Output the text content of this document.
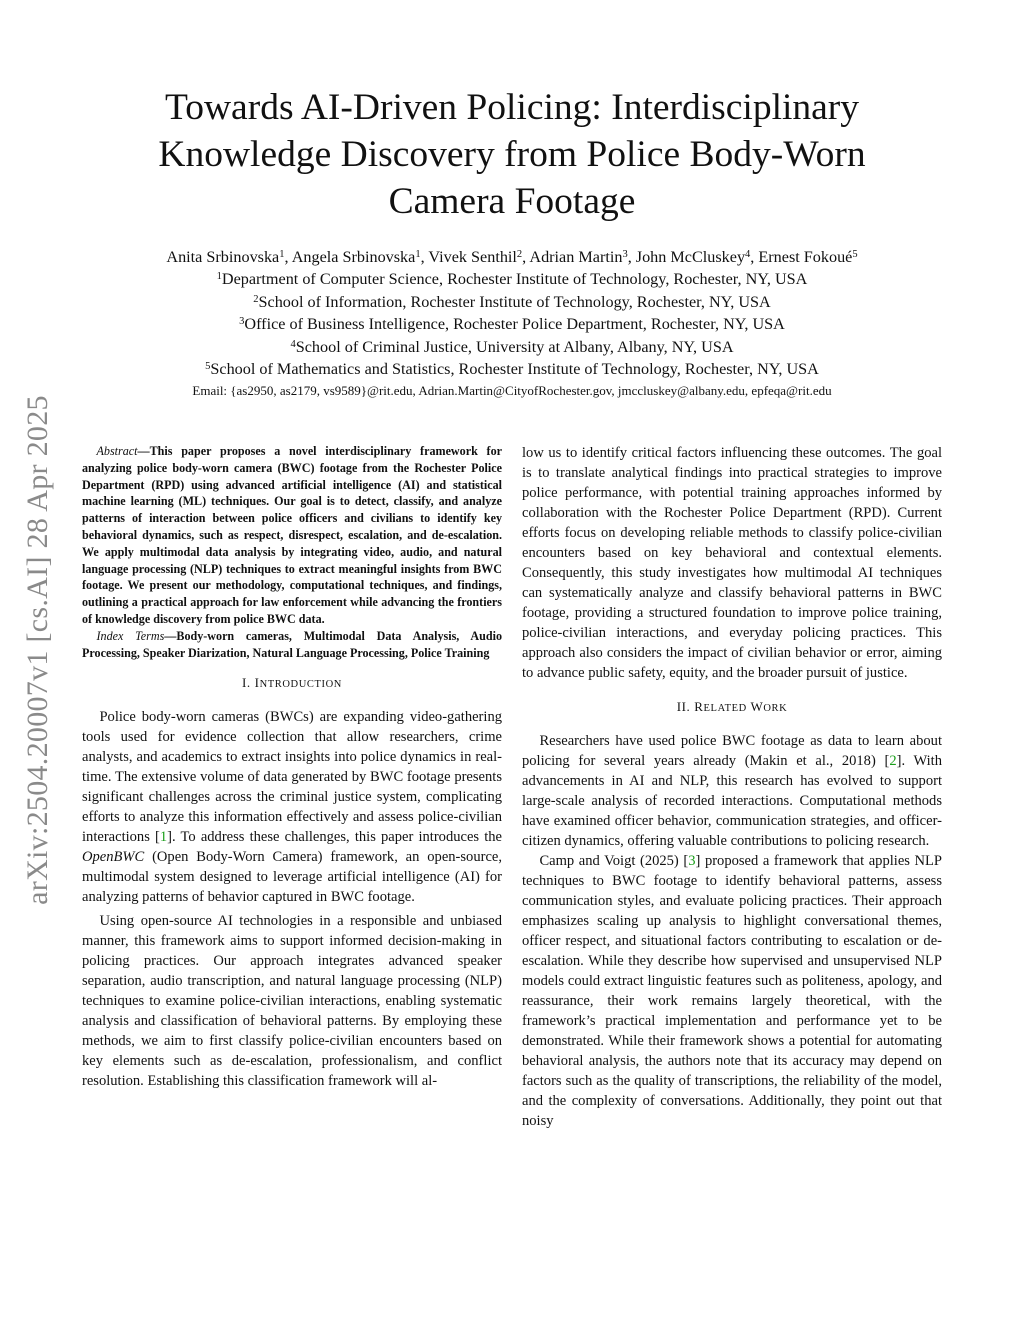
arXiv:2504.20007v1 [cs.AI] 28 Apr 2025
Towards AI-Driven Policing: Interdisciplinary
Knowledge Discovery from Police Body-Worn
Camera Footage
Anita Srbinovska$^1$, Angela Srbinovska$^1$, Vivek Senthil$^2$, Adrian Martin$^3$, John McCluskey$^4$, Ernest Fokoué$^5$
$^1$Department of Computer Science, Rochester Institute of Technology, Rochester, NY, USA
$^2$School of Information, Rochester Institute of Technology, Rochester, NY, USA
$^3$Office of Business Intelligence, Rochester Police Department, Rochester, NY, USA
$^4$School of Criminal Justice, University at Albany, Albany, NY, USA
$^5$School of Mathematics and Statistics, Rochester Institute of Technology, Rochester, NY, USA
Email: {as2950, as2179, vs9589}@rit.edu, Adrian.Martin@CityofRochester.gov, jmccluskey@albany.edu, epfeqa@rit.edu

Abstract—This paper proposes a novel interdisciplinary framework for analyzing police body-worn camera (BWC) footage from the Rochester Police Department (RPD) using advanced artificial intelligence (AI) and statistical machine learning (ML) techniques. Our goal is to detect, classify, and analyze patterns of interaction between police officers and civilians to identify key behavioral dynamics, such as respect, disrespect, escalation, and de-escalation. We apply multimodal data analysis by integrating video, audio, and natural language processing (NLP) techniques to extract meaningful insights from BWC footage. We present our methodology, computational techniques, and findings, outlining a practical approach for law enforcement while advancing the frontiers of knowledge discovery from police BWC data.

Index Terms—Body-worn cameras, Multimodal Data Analysis, Audio Processing, Speaker Diarization, Natural Language Processing, Police Training

I. INTRODUCTION

Police body-worn cameras (BWCs) are expanding video-gathering tools used for evidence collection that allow researchers, crime analysts, and academics to extract insights into police dynamics in real-time. The extensive volume of data generated by BWC footage presents significant challenges across the criminal justice system, complicating efforts to analyze this information effectively and assess police-civilian interactions [1]. To address these challenges, this paper introduces the OpenBWC (Open Body-Worn Camera) framework, an open-source, multimodal system designed to leverage artificial intelligence (AI) for analyzing patterns of behavior captured in BWC footage.

Using open-source AI technologies in a responsible and unbiased manner, this framework aims to support informed decision-making in policing practices. Our approach integrates advanced speaker separation, audio transcription, and natural language processing (NLP) techniques to examine police-civilian interactions, enabling systematic analysis and classification of behavioral patterns. By employing these methods, we aim to first classify police-civilian encounters based on key elements such as de-escalation, professionalism, and conflict resolution. Establishing this classification framework will al-

low us to identify critical factors influencing these outcomes. The goal is to translate analytical findings into practical strategies to improve police performance, with potential training approaches informed by collaboration with the Rochester Police Department (RPD). Current efforts focus on developing reliable methods to classify police-civilian encounters based on key behavioral and contextual elements. Consequently, this study investigates how multimodal AI techniques can systematically analyze and classify behavioral patterns in BWC footage, providing a structured foundation to improve police training, police-civilian interactions, and everyday policing practices. This approach also considers the impact of civilian behavior or error, aiming to advance public safety, equity, and the broader pursuit of justice.

II. RELATED WORK

Researchers have used police BWC footage as data to learn about policing for several years already (Makin et al., 2018) [2]. With advancements in AI and NLP, this research has evolved to support large-scale analysis of recorded interactions. Computational methods have examined officer behavior, communication strategies, and officer-citizen dynamics, offering valuable contributions to policing research.

Camp and Voigt (2025) [3] proposed a framework that applies NLP techniques to BWC footage to identify behavioral patterns, assess communication styles, and evaluate policing practices. Their approach emphasizes scaling up analysis to highlight conversational themes, officer respect, and situational factors contributing to escalation or de-escalation. While they describe how supervised and unsupervised NLP models could extract linguistic features such as politeness, apology, and reassurance, their work remains largely theoretical, with the framework’s practical implementation and performance yet to be demonstrated. While their framework shows a potential for automating behavioral analysis, the authors note that its accuracy may depend on factors such as the quality of transcriptions, the reliability of the model, and the complexity of conversations. Additionally, they point out that noisy
